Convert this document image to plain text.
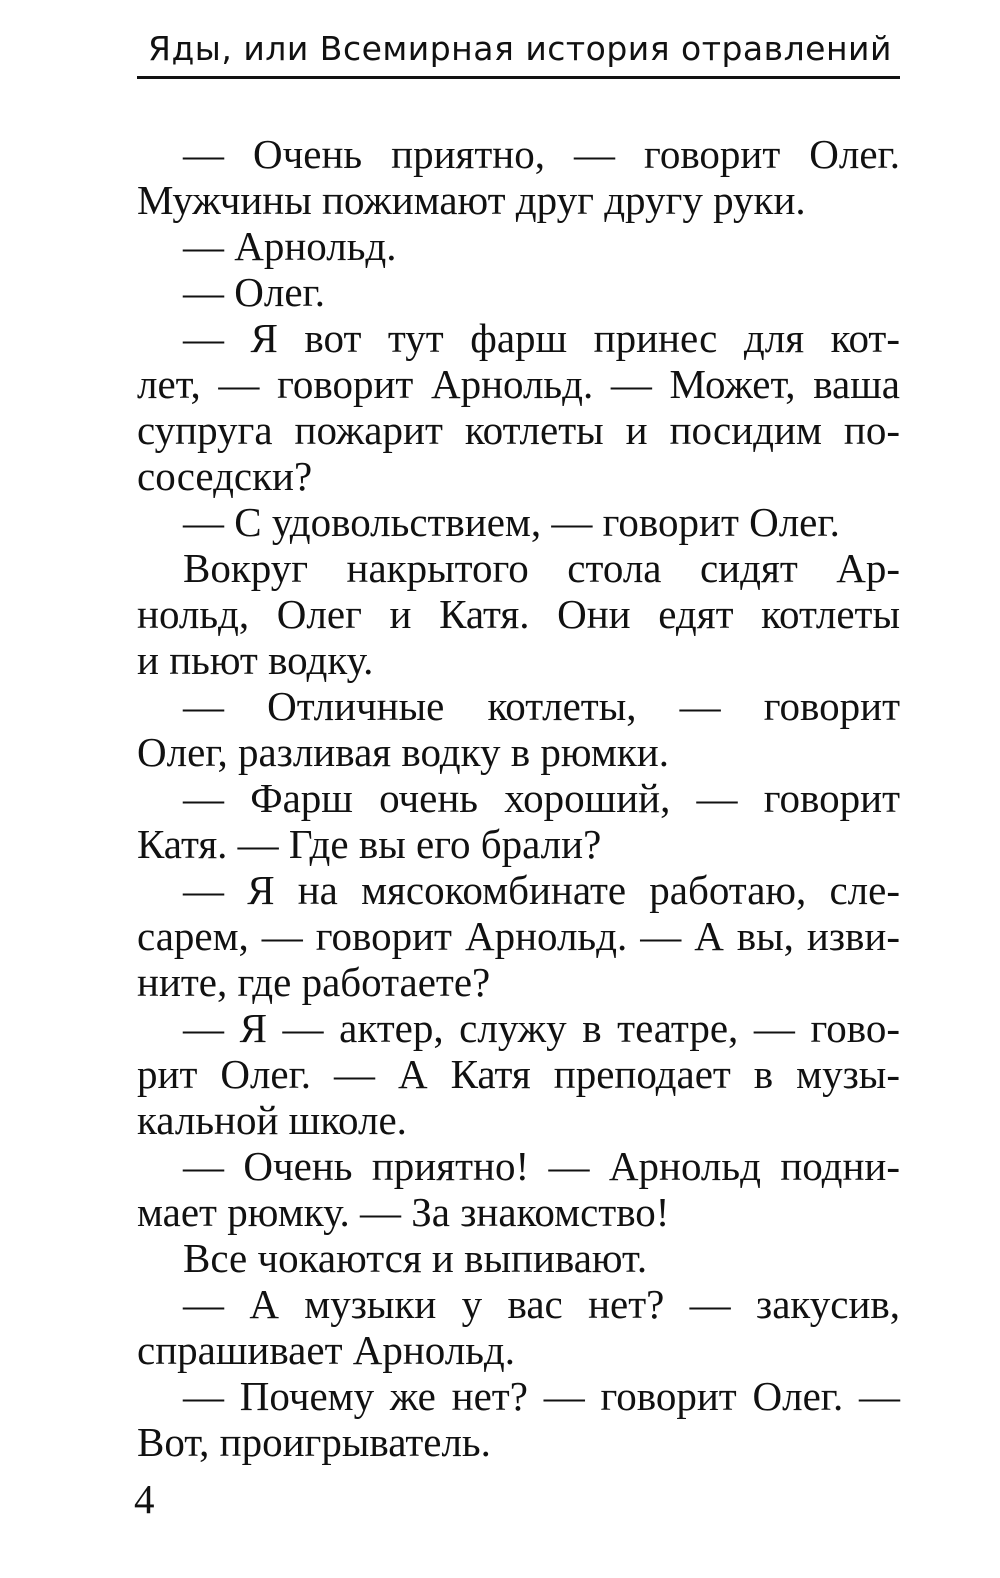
Яды, или Всемирная история отравлений
— Очень приятно, — говорит Олег.
Мужчины пожимают друг другу руки.
— Арнольд.
— Олег.
— Я вот тут фарш принес для кот-
лет, — говорит Арнольд. — Может, ваша
супруга пожарит котлеты и посидим по-
соседски?
— С удовольствием, — говорит Олег.
Вокруг накрытого стола сидят Ар-
нольд, Олег и Катя. Они едят котлеты
и пьют водку.
— Отличные котлеты, — говорит
Олег, разливая водку в рюмки.
— Фарш очень хороший, — говорит
Катя. — Где вы его брали?
— Я на мясокомбинате работаю, сле-
сарем, — говорит Арнольд. — А вы, изви-
ните, где работаете?
— Я — актер, служу в театре, — гово-
рит Олег. — А Катя преподает в музы-
кальной школе.
— Очень приятно! — Арнольд подни-
мает рюмку. — За знакомство!
Все чокаются и выпивают.
— А музыки у вас нет? — закусив,
спрашивает Арнольд.
— Почему же нет? — говорит Олег. —
Вот, проигрыватель.
4
